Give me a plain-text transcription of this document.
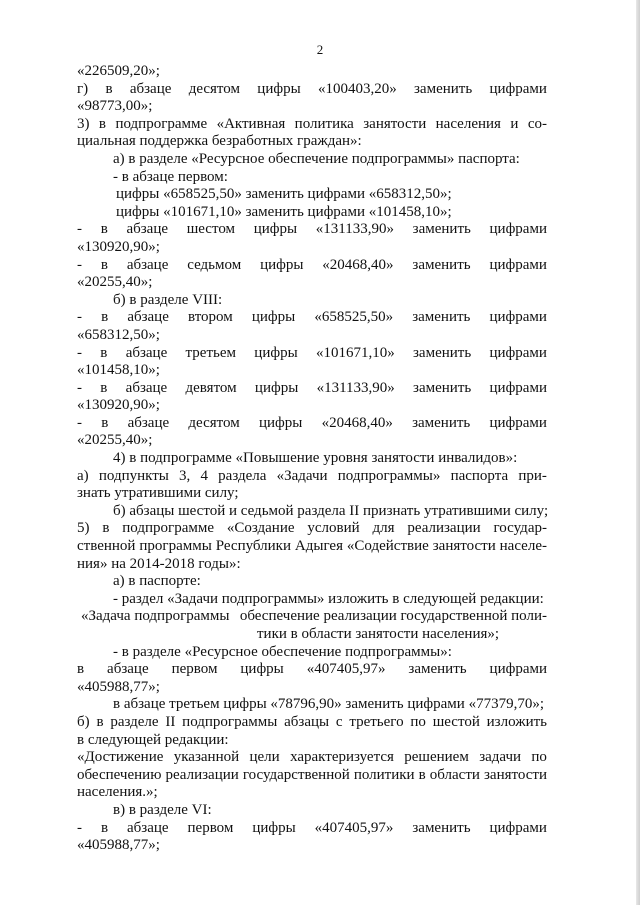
2
«226509,20»;
г) в абзаце десятом цифры «100403,20» заменить цифрами
«98773,00»;
3) в подпрограмме «Активная политика занятости населения и со-
циальная поддержка безработных граждан»:
а) в разделе «Ресурсное обеспечение подпрограммы» паспорта:
- в абзаце первом:
цифры «658525,50» заменить цифрами «658312,50»;
цифры «101671,10» заменить цифрами «101458,10»;
- в абзаце шестом цифры «131133,90» заменить цифрами
«130920,90»;
- в абзаце седьмом цифры «20468,40» заменить цифрами
«20255,40»;
б) в разделе VIII:
- в абзаце втором цифры «658525,50» заменить цифрами
«658312,50»;
- в абзаце третьем цифры «101671,10» заменить цифрами
«101458,10»;
- в абзаце девятом цифры «131133,90» заменить цифрами
«130920,90»;
- в абзаце десятом цифры «20468,40» заменить цифрами
«20255,40»;
4) в подпрограмме «Повышение уровня занятости инвалидов»:
а) подпункты 3, 4 раздела «Задачи подпрограммы» паспорта при-
знать утратившими силу;
б) абзацы шестой и седьмой раздела II признать утратившими силу;
5) в подпрограмме «Создание условий для реализации государ-
ственной программы Республики Адыгея «Содействие занятости населе-
ния» на 2014-2018 годы»:
а) в паспорте:
- раздел «Задачи подпрограммы» изложить в следующей редакции:
«Задача подпрограммы обеспечение реализации государственной поли-
тики в области занятости населения»;
- в разделе «Ресурсное обеспечение подпрограммы»:
в абзаце первом цифры «407405,97» заменить цифрами
«405988,77»;
в абзаце третьем цифры «78796,90» заменить цифрами «77379,70»;
б) в разделе II подпрограммы абзацы с третьего по шестой изложить
в следующей редакции:
«Достижение указанной цели характеризуется решением задачи по
обеспечению реализации государственной политики в области занятости
населения.»;
в) в разделе VI:
- в абзаце первом цифры «407405,97» заменить цифрами
«405988,77»;
